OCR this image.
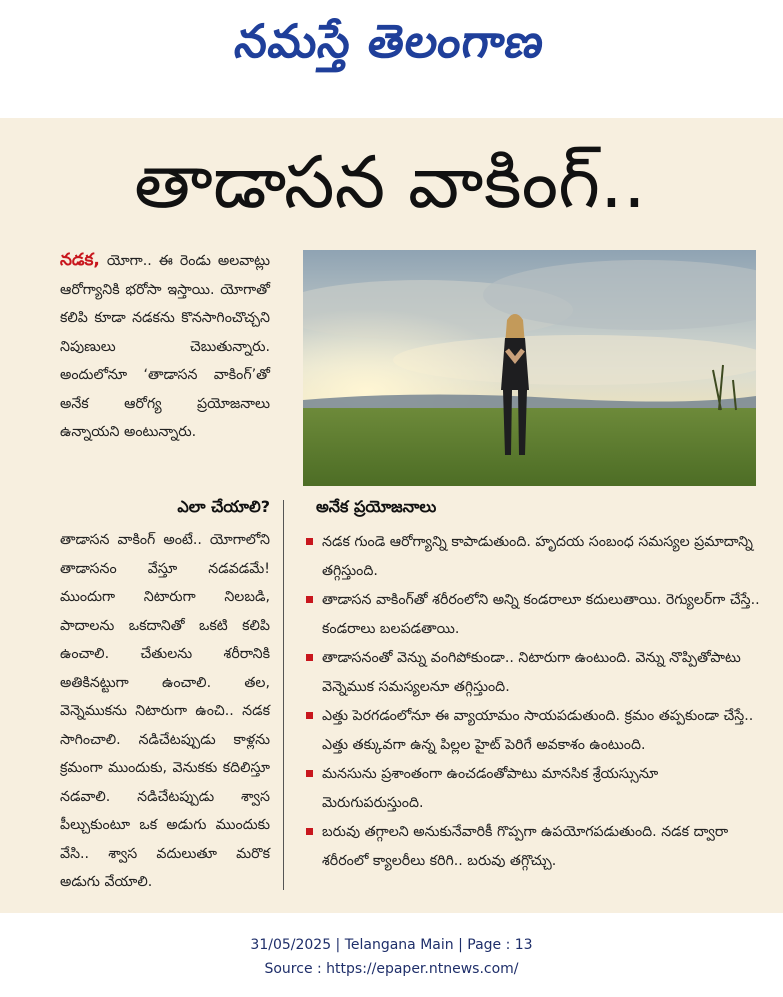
నమస్తే తెలంగాణ
తాడాసన వాకింగ్..
నడక, యోగా.. ఈ రెండు అలవాట్లు ఆరోగ్యానికి భరోసా ఇస్తాయి. యోగాతో కలిపి కూడా నడకను కొనసాగించొచ్చని నిపుణులు చెబుతున్నారు. అందులోనూ ‘తాడాసన వాకింగ్’తో అనేక ఆరోగ్య ప్రయోజనాలు ఉన్నాయని అంటున్నారు.
ఎలా చేయాలి?	అనేక ప్రయోజనాలు
తాడాసన వాకింగ్ అంటే.. యోగాలోని తాడాసనం వేస్తూ నడవడమే! ముందుగా నిటారుగా నిలబడి, పాదాలను ఒకదానితో ఒకటి కలిపి ఉంచాలి. చేతులను శరీరానికి అతికినట్టుగా ఉంచాలి. తల, వెన్నెముకను నిటారుగా ఉంచి.. నడక సాగించాలి. నడిచేటప్పుడు కాళ్లను క్రమంగా ముందుకు, వెనుకకు కదిలిస్తూ నడవాలి. నడిచేటప్పుడు శ్వాస పీల్చుకుంటూ ఒక అడుగు ముందుకు వేసి.. శ్వాస వదులుతూ మరొక అడుగు వేయాలి.
నడక గుండె ఆరోగ్యాన్ని కాపాడుతుంది. హృదయ సంబంధ సమస్యల ప్రమాదాన్ని తగ్గిస్తుంది.
తాడాసన వాకింగ్‌తో శరీరంలోని అన్ని కండరాలూ కదులుతాయి. రెగ్యులర్‌గా చేస్తే.. కండరాలు బలపడతాయి.
తాడాసనంతో వెన్ను వంగిపోకుండా.. నిటారుగా ఉంటుంది. వెన్ను నొప్పితోపాటు వెన్నెముక సమస్యలనూ తగ్గిస్తుంది.
ఎత్తు పెరగడంలోనూ ఈ వ్యాయామం సాయపడుతుంది. క్రమం తప్పకుండా చేస్తే.. ఎత్తు తక్కువగా ఉన్న పిల్లల హైట్ పెరిగే అవకాశం ఉంటుంది.
మనసును ప్రశాంతంగా ఉంచడంతోపాటు మానసిక శ్రేయస్సునూ మెరుగుపరుస్తుంది.
బరువు తగ్గాలని అనుకునేవారికీ గొప్పగా ఉపయోగపడుతుంది. నడక ద్వారా శరీరంలో క్యాలరీలు కరిగి.. బరువు తగ్గొచ్చు.
31/05/2025 | Telangana Main | Page : 13
Source : https://epaper.ntnews.com/
